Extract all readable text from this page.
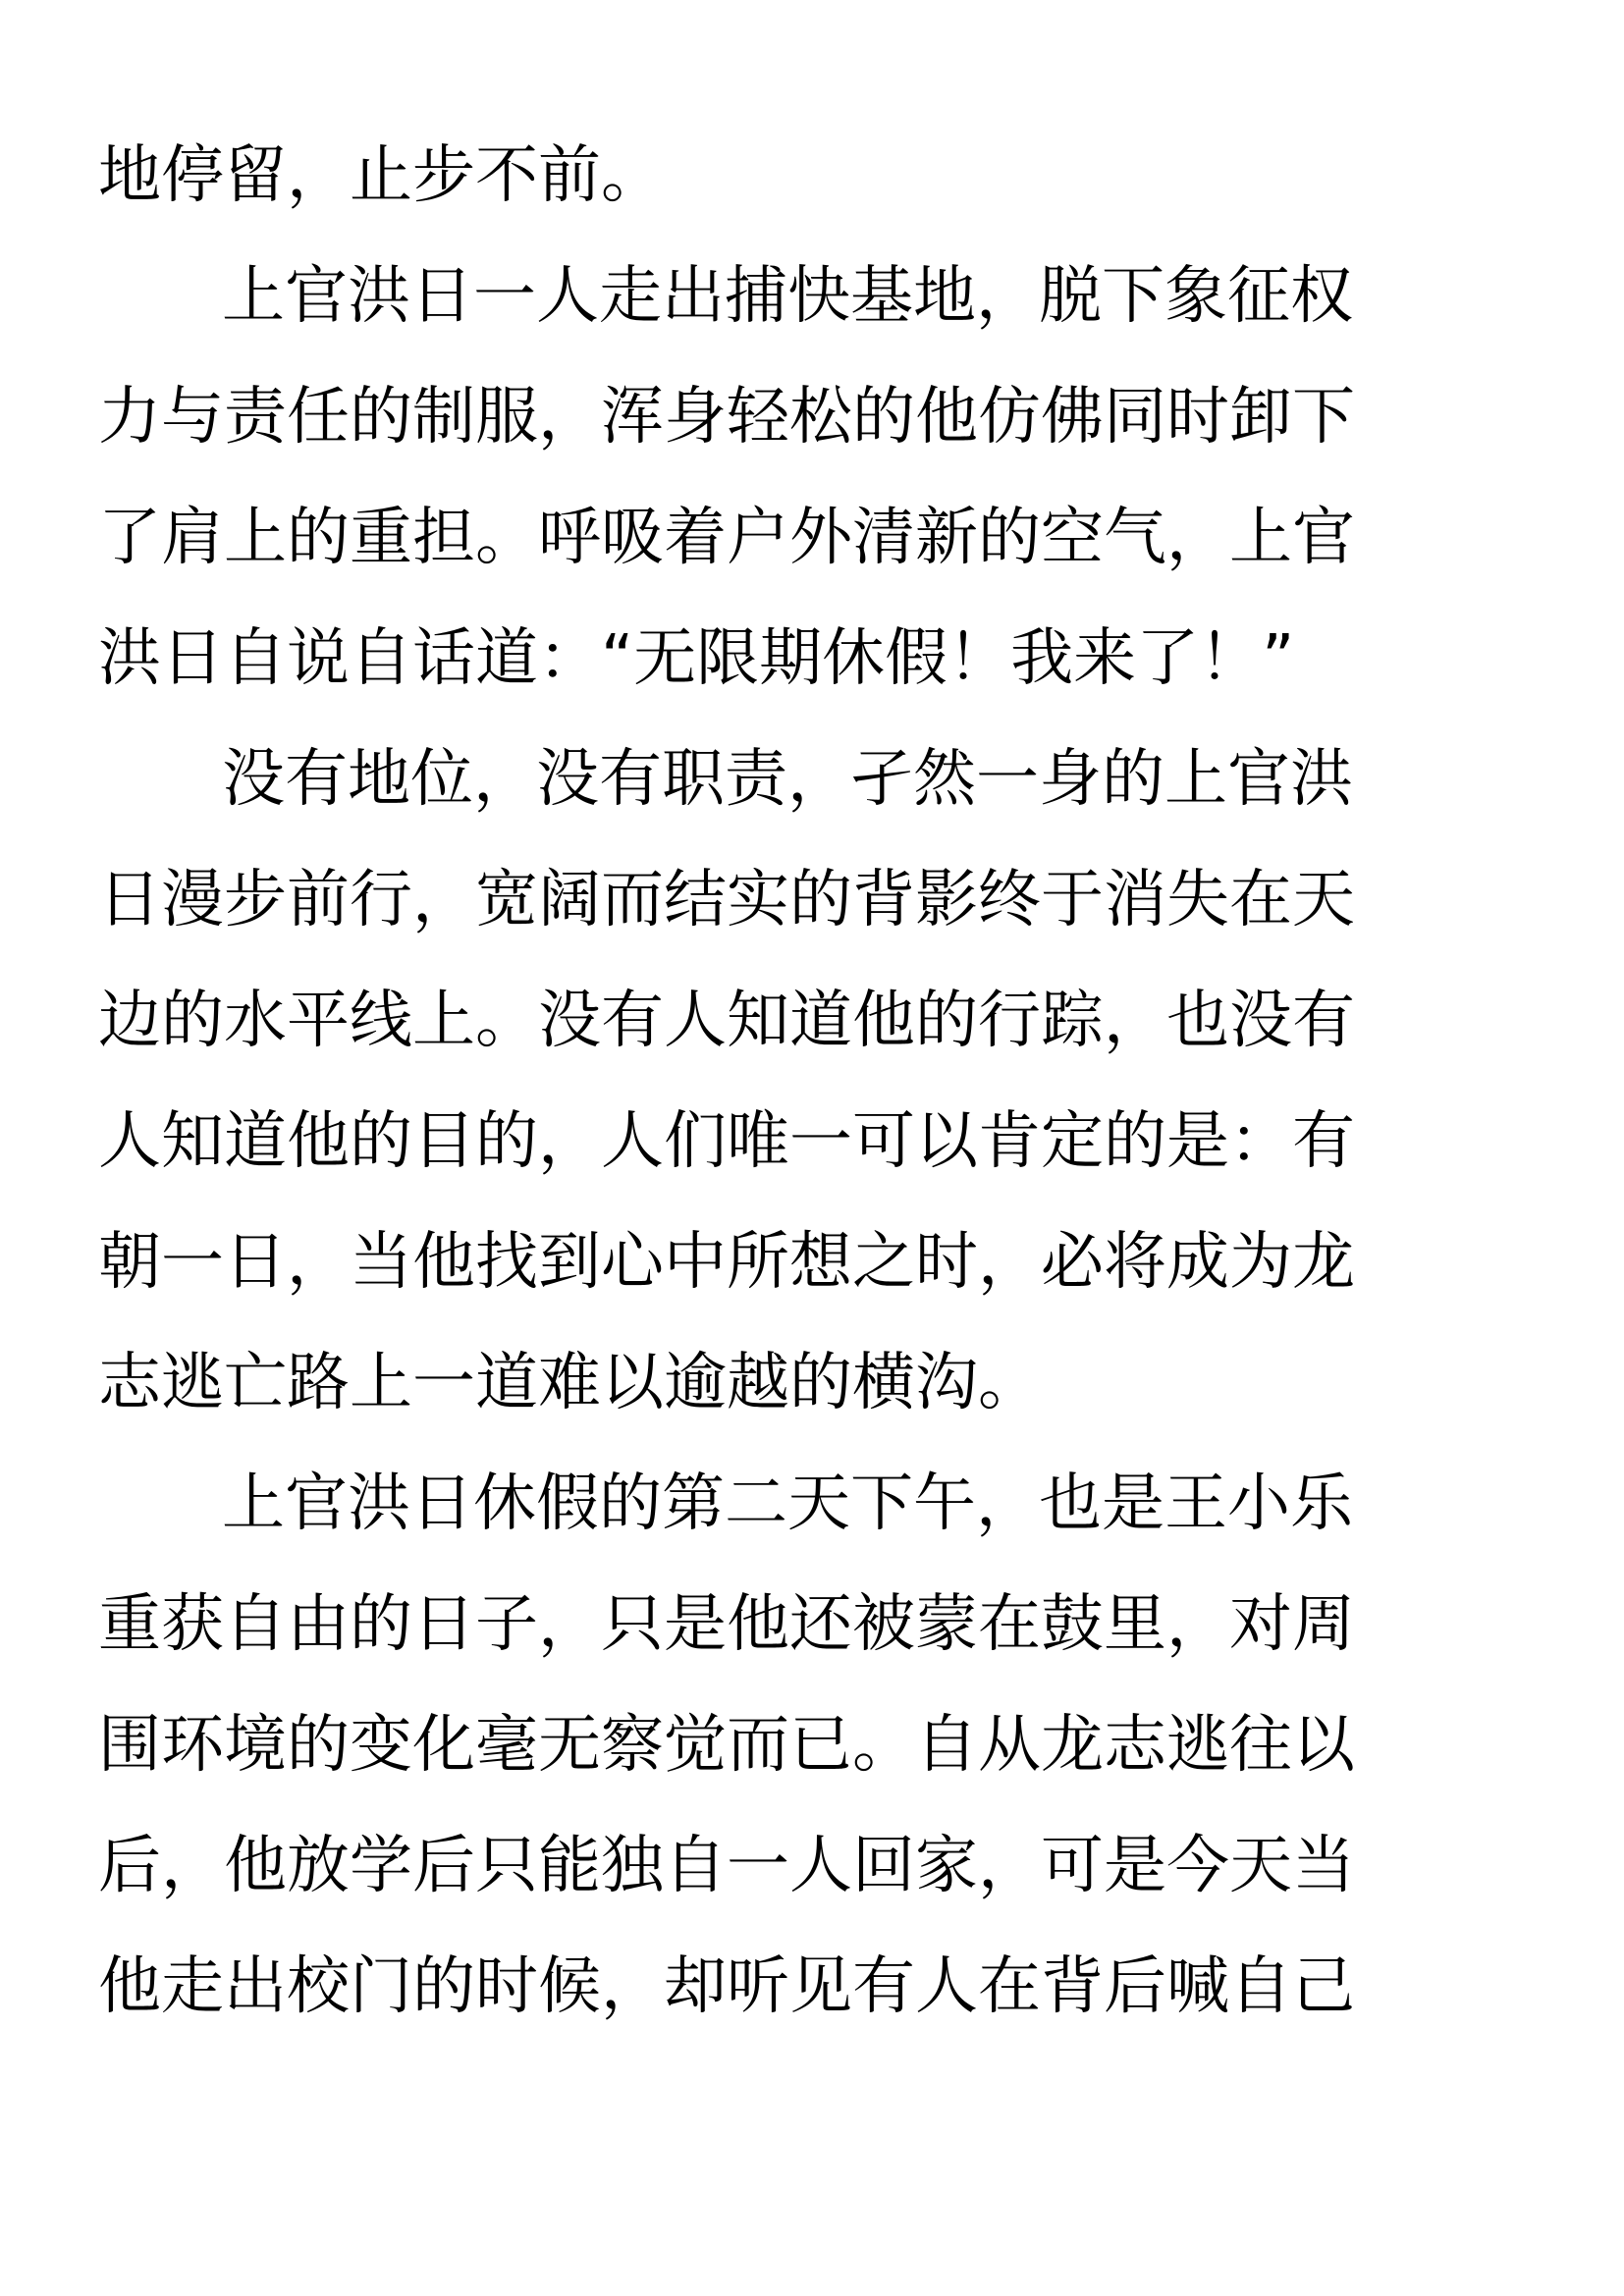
地停留，止步不前。
上官洪日一人走出捕快基地，脱下象征权
力与责任的制服，浑身轻松的他仿佛同时卸下
了肩上的重担。呼吸着户外清新的空气，上官
洪日自说自话道：“无限期休假！我来了！”
没有地位，没有职责，孑然一身的上官洪
日漫步前行，宽阔而结实的背影终于消失在天
边的水平线上。没有人知道他的行踪，也没有
人知道他的目的，人们唯一可以肯定的是：有
朝一日，当他找到心中所想之时，必将成为龙
志逃亡路上一道难以逾越的横沟。
上官洪日休假的第二天下午，也是王小乐
重获自由的日子，只是他还被蒙在鼓里，对周
围环境的变化毫无察觉而已。自从龙志逃往以
后，他放学后只能独自一人回家，可是今天当
他走出校门的时候，却听见有人在背后喊自己
